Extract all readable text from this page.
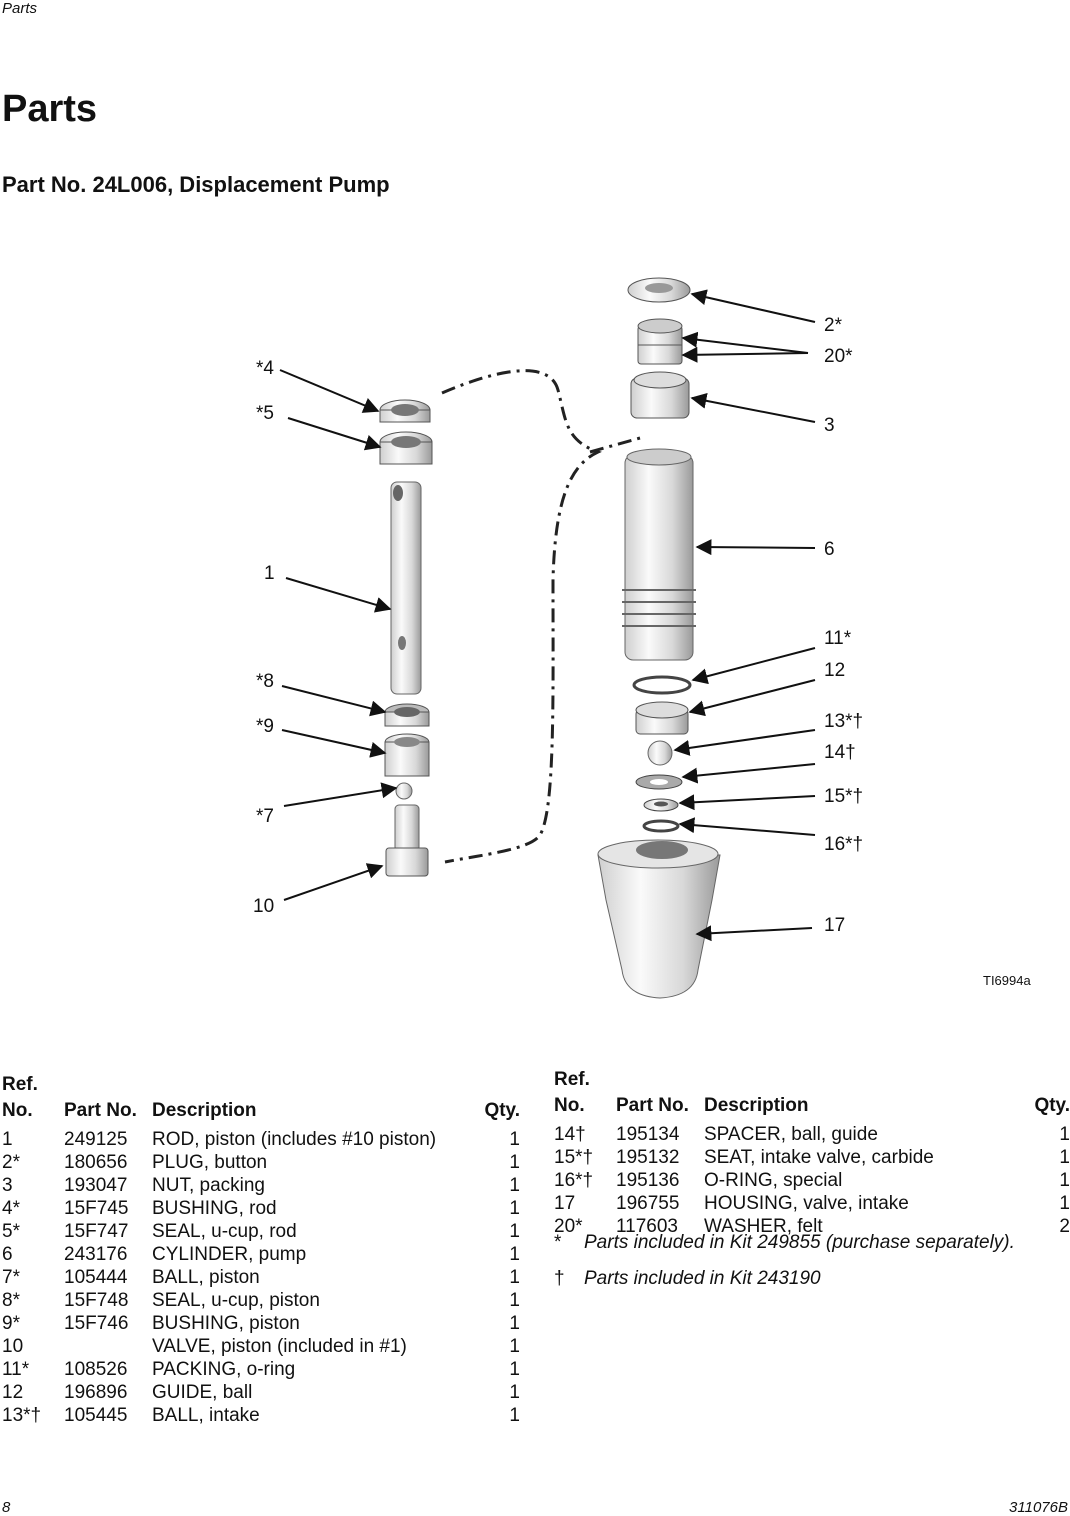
Parts
Parts
Part No. 24L006, Displacement Pump
*4
*5
1
*8
*9
*7
10
2*
20*
3
6
11*
12
13*†
14†
15*†
16*†
17
TI6994a
Ref.
No.	Part No.	Description	Qty.
1	249125	ROD, piston (includes #10 piston)	1
2*	180656	PLUG, button	1
3	193047	NUT, packing	1
4*	15F745	BUSHING, rod	1
5*	15F747	SEAL, u-cup, rod	1
6	243176	CYLINDER, pump	1
7*	105444	BALL, piston	1
8*	15F748	SEAL, u-cup, piston	1
9*	15F746	BUSHING, piston	1
10		VALVE, piston (included in #1)	1
11*	108526	PACKING, o-ring	1
12	196896	GUIDE, ball	1
13*†	105445	BALL, intake	1
Ref.
No.	Part No.	Description	Qty.
14†	195134	SPACER, ball, guide	1
15*†	195132	SEAT, intake valve, carbide	1
16*†	195136	O-RING, special	1
17	196755	HOUSING, valve, intake	1
20*	117603	WASHER, felt	2
*	Parts included in Kit 249855 (purchase separately).
†	Parts included in Kit 243190
8	311076B
